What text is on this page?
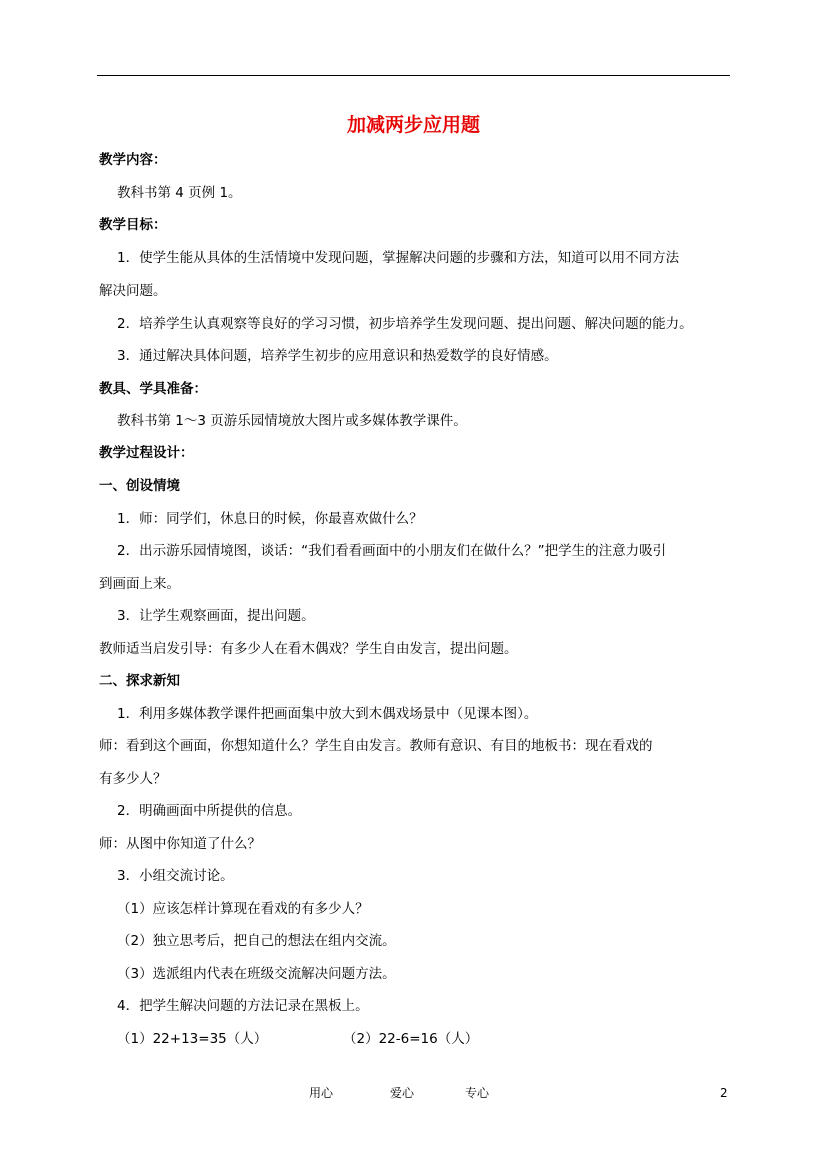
加减两步应用题
教学内容：
教科书第 4 页例 1。
教学目标：
1．使学生能从具体的生活情境中发现问题，掌握解决问题的步骤和方法，知道可以用不同方法
解决问题。
2．培养学生认真观察等良好的学习习惯，初步培养学生发现问题、提出问题、解决问题的能力。
3．通过解决具体问题，培养学生初步的应用意识和热爱数学的良好情感。
教具、学具准备：
教科书第 1～3 页游乐园情境放大图片或多媒体教学课件。
教学过程设计：
一、创设情境
1．师：同学们，休息日的时候，你最喜欢做什么？
2．出示游乐园情境图，谈话：“我们看看画面中的小朋友们在做什么？”把学生的注意力吸引
到画面上来。
3．让学生观察画面，提出问题。
教师适当启发引导：有多少人在看木偶戏？学生自由发言，提出问题。
二、探求新知
1．利用多媒体教学课件把画面集中放大到木偶戏场景中（见课本图）。
师：看到这个画面，你想知道什么？学生自由发言。教师有意识、有目的地板书：现在看戏的
有多少人？
2．明确画面中所提供的信息。
师：从图中你知道了什么？
3．小组交流讨论。
（1）应该怎样计算现在看戏的有多少人？
（2）独立思考后，把自己的想法在组内交流。
（3）选派组内代表在班级交流解决问题方法。
4．把学生解决问题的方法记录在黑板上。
（1）22+13=35（人）	（2）22-6=16（人）
用心	爱心	专心	2
